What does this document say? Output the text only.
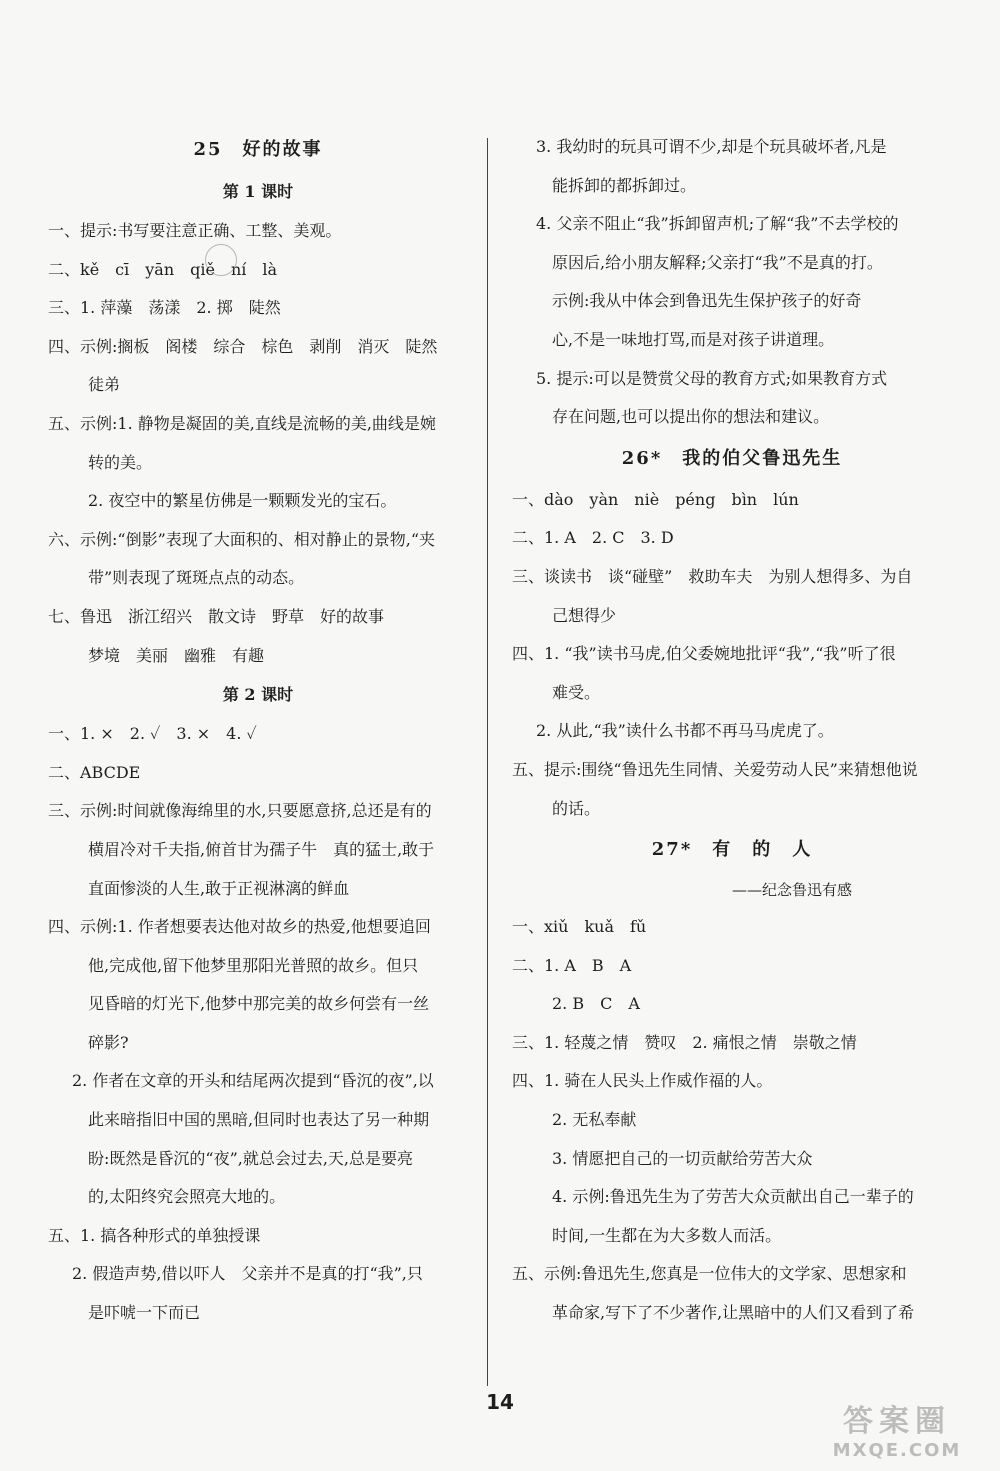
25　好的故事
第 1 课时
一、提示:书写要注意正确、工整、美观。
二、kě　cī　yān　qiě　ní　là
三、1. 萍藻　荡漾　2. 掷　陡然
四、示例:搁板　阁楼　综合　棕色　剥削　消灭　陡然
徒弟
五、示例:1. 静物是凝固的美,直线是流畅的美,曲线是婉
转的美。
2. 夜空中的繁星仿佛是一颗颗发光的宝石。
六、示例:“倒影”表现了大面积的、相对静止的景物,“夹
带”则表现了斑斑点点的动态。
七、鲁迅　浙江绍兴　散文诗　野草　好的故事
梦境　美丽　幽雅　有趣
第 2 课时
一、1. ×　2. ✓　3. ×　4. ✓
二、ABCDE
三、示例:时间就像海绵里的水,只要愿意挤,总还是有的
横眉冷对千夫指,俯首甘为孺子牛　真的猛士,敢于
直面惨淡的人生,敢于正视淋漓的鲜血
四、示例:1. 作者想要表达他对故乡的热爱,他想要追回
他,完成他,留下他梦里那阳光普照的故乡。但只
见昏暗的灯光下,他梦中那完美的故乡何尝有一丝
碎影?
2. 作者在文章的开头和结尾两次提到“昏沉的夜”,以
此来暗指旧中国的黑暗,但同时也表达了另一种期
盼:既然是昏沉的“夜”,就总会过去,天,总是要亮
的,太阳终究会照亮大地的。
五、1. 搞各种形式的单独授课
2. 假造声势,借以吓人　父亲并不是真的打“我”,只
是吓唬一下而已
3. 我幼时的玩具可谓不少,却是个玩具破坏者,凡是
能拆卸的都拆卸过。
4. 父亲不阻止“我”拆卸留声机;了解“我”不去学校的
原因后,给小朋友解释;父亲打“我”不是真的打。
示例:我从中体会到鲁迅先生保护孩子的好奇
心,不是一味地打骂,而是对孩子讲道理。
5. 提示:可以是赞赏父母的教育方式;如果教育方式
存在问题,也可以提出你的想法和建议。
26*　我的伯父鲁迅先生
一、dào　yàn　niè　péng　bìn　lún
二、1. A　2. C　3. D
三、谈读书　谈“碰壁”　救助车夫　为别人想得多、为自
己想得少
四、1. “我”读书马虎,伯父委婉地批评“我”,“我”听了很
难受。
2. 从此,“我”读什么书都不再马马虎虎了。
五、提示:围绕“鲁迅先生同情、关爱劳动人民”来猜想他说
的话。
27*　有　的　人
——纪念鲁迅有感
一、xiǔ　kuǎ　fǔ
二、1. A　B　A
2. B　C　A
三、1. 轻蔑之情　赞叹　2. 痛恨之情　崇敬之情
四、1. 骑在人民头上作威作福的人。
2. 无私奉献
3. 情愿把自己的一切贡献给劳苦大众
4. 示例:鲁迅先生为了劳苦大众贡献出自己一辈子的
时间,一生都在为大多数人而活。
五、示例:鲁迅先生,您真是一位伟大的文学家、思想家和
革命家,写下了不少著作,让黑暗中的人们又看到了希
14
答案圈
MXQE.COM
